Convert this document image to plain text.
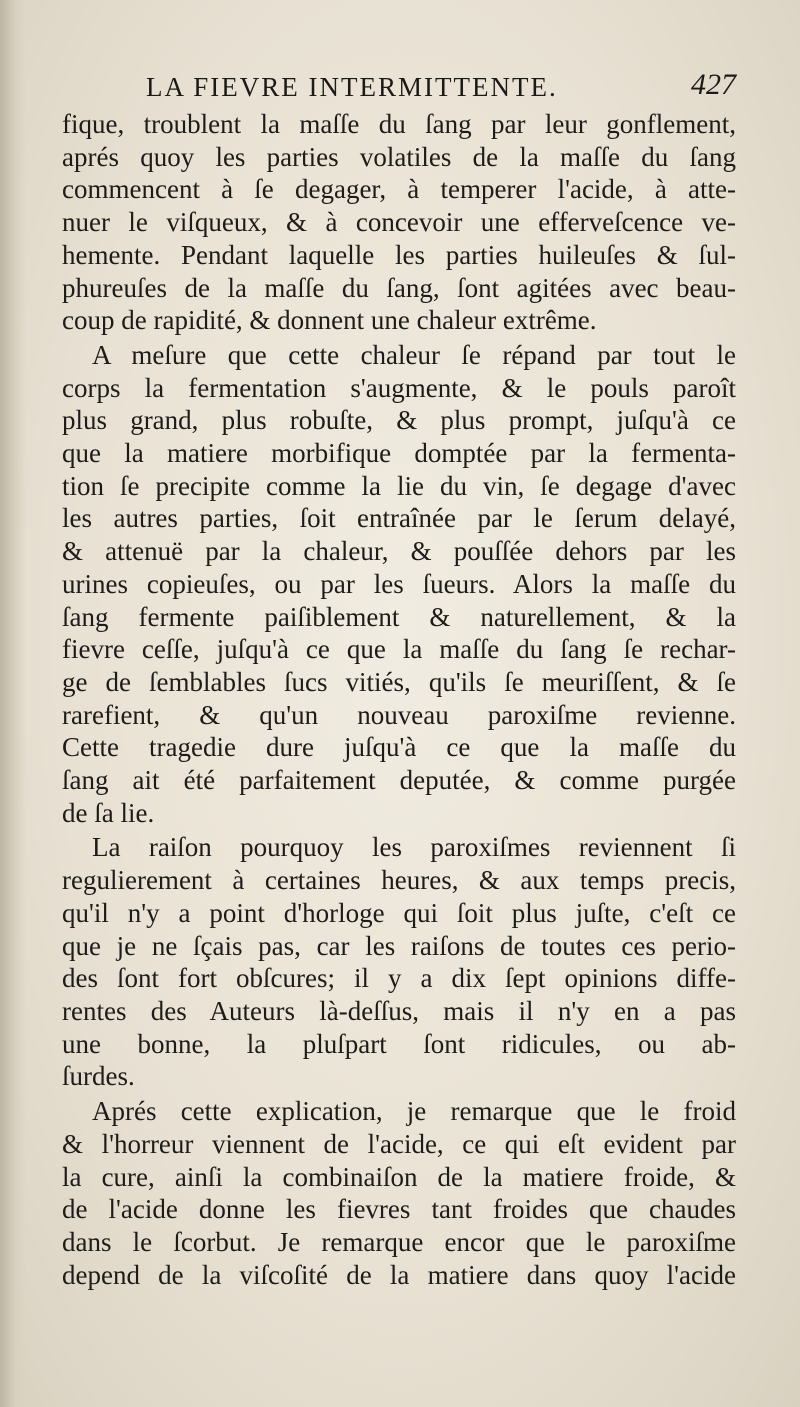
LA FIEVRE INTERMITTENTE.	427
fique, troublent la maſſe du ſang par leur gonflement,
aprés quoy les parties volatiles de la maſſe du ſang
commencent à ſe degager, à temperer l'acide, à atte-
nuer le viſqueux, & à concevoir une efferveſcence ve-
hemente. Pendant laquelle les parties huileuſes & ſul-
phureuſes de la maſſe du ſang, ſont agitées avec beau-
coup de rapidité, & donnent une chaleur extrême.
A meſure que cette chaleur ſe répand par tout le
corps la fermentation s'augmente, & le pouls paroît
plus grand, plus robuſte, & plus prompt, juſqu'à ce
que la matiere morbifique domptée par la fermenta-
tion ſe precipite comme la lie du vin, ſe degage d'avec
les autres parties, ſoit entraînée par le ſerum delayé,
& attenuë par la chaleur, & pouſſée dehors par les
urines copieuſes, ou par les ſueurs. Alors la maſſe du
ſang fermente paiſiblement & naturellement, & la
fievre ceſſe, juſqu'à ce que la maſſe du ſang ſe rechar-
ge de ſemblables ſucs vitiés, qu'ils ſe meuriſſent, & ſe
rarefient, & qu'un nouveau paroxiſme revienne.
Cette tragedie dure juſqu'à ce que la maſſe du
ſang ait été parfaitement deputée, & comme purgée
de ſa lie.
La raiſon pourquoy les paroxiſmes reviennent ſi
regulierement à certaines heures, & aux temps precis,
qu'il n'y a point d'horloge qui ſoit plus juſte, c'eſt ce
que je ne ſçais pas, car les raiſons de toutes ces perio-
des ſont fort obſcures; il y a dix ſept opinions diffe-
rentes des Auteurs là-deſſus, mais il n'y en a pas
une bonne, la pluſpart ſont ridicules, ou ab-
ſurdes.
Aprés cette explication, je remarque que le froid
& l'horreur viennent de l'acide, ce qui eſt evident par
la cure, ainſi la combinaiſon de la matiere froide, &
de l'acide donne les fievres tant froides que chaudes
dans le ſcorbut. Je remarque encor que le paroxiſme
depend de la viſcoſité de la matiere dans quoy l'acide
